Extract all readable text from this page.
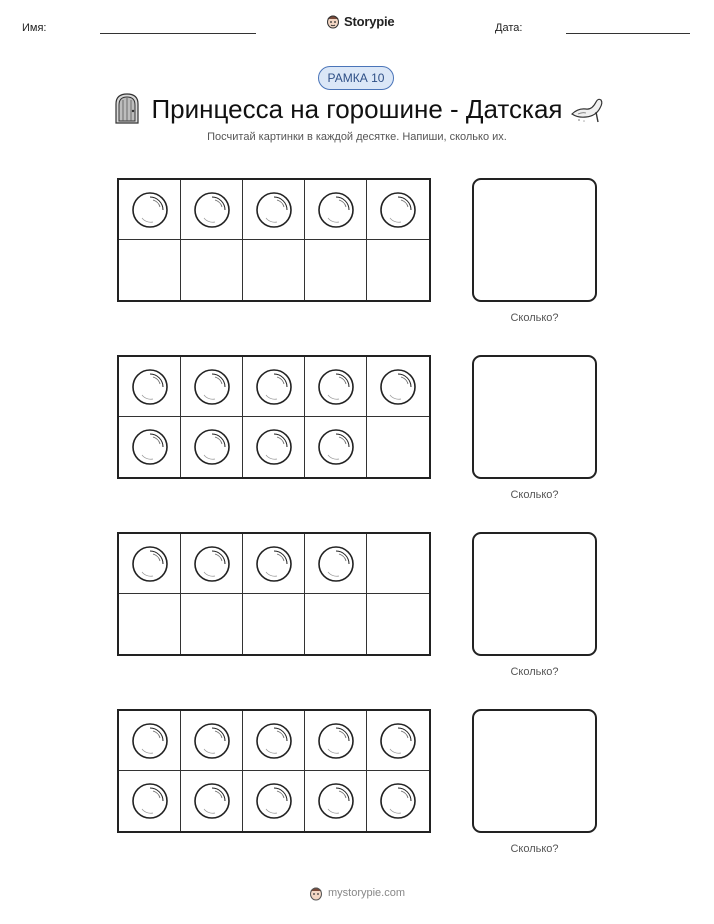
Имя:	Storypie	Дата:
РАМКА 10
Принцесса на горошине - Датская
Посчитай картинки в каждой десятке. Напиши, сколько их.
Сколько?
Сколько?
Сколько?
Сколько?
mystorypie.com
